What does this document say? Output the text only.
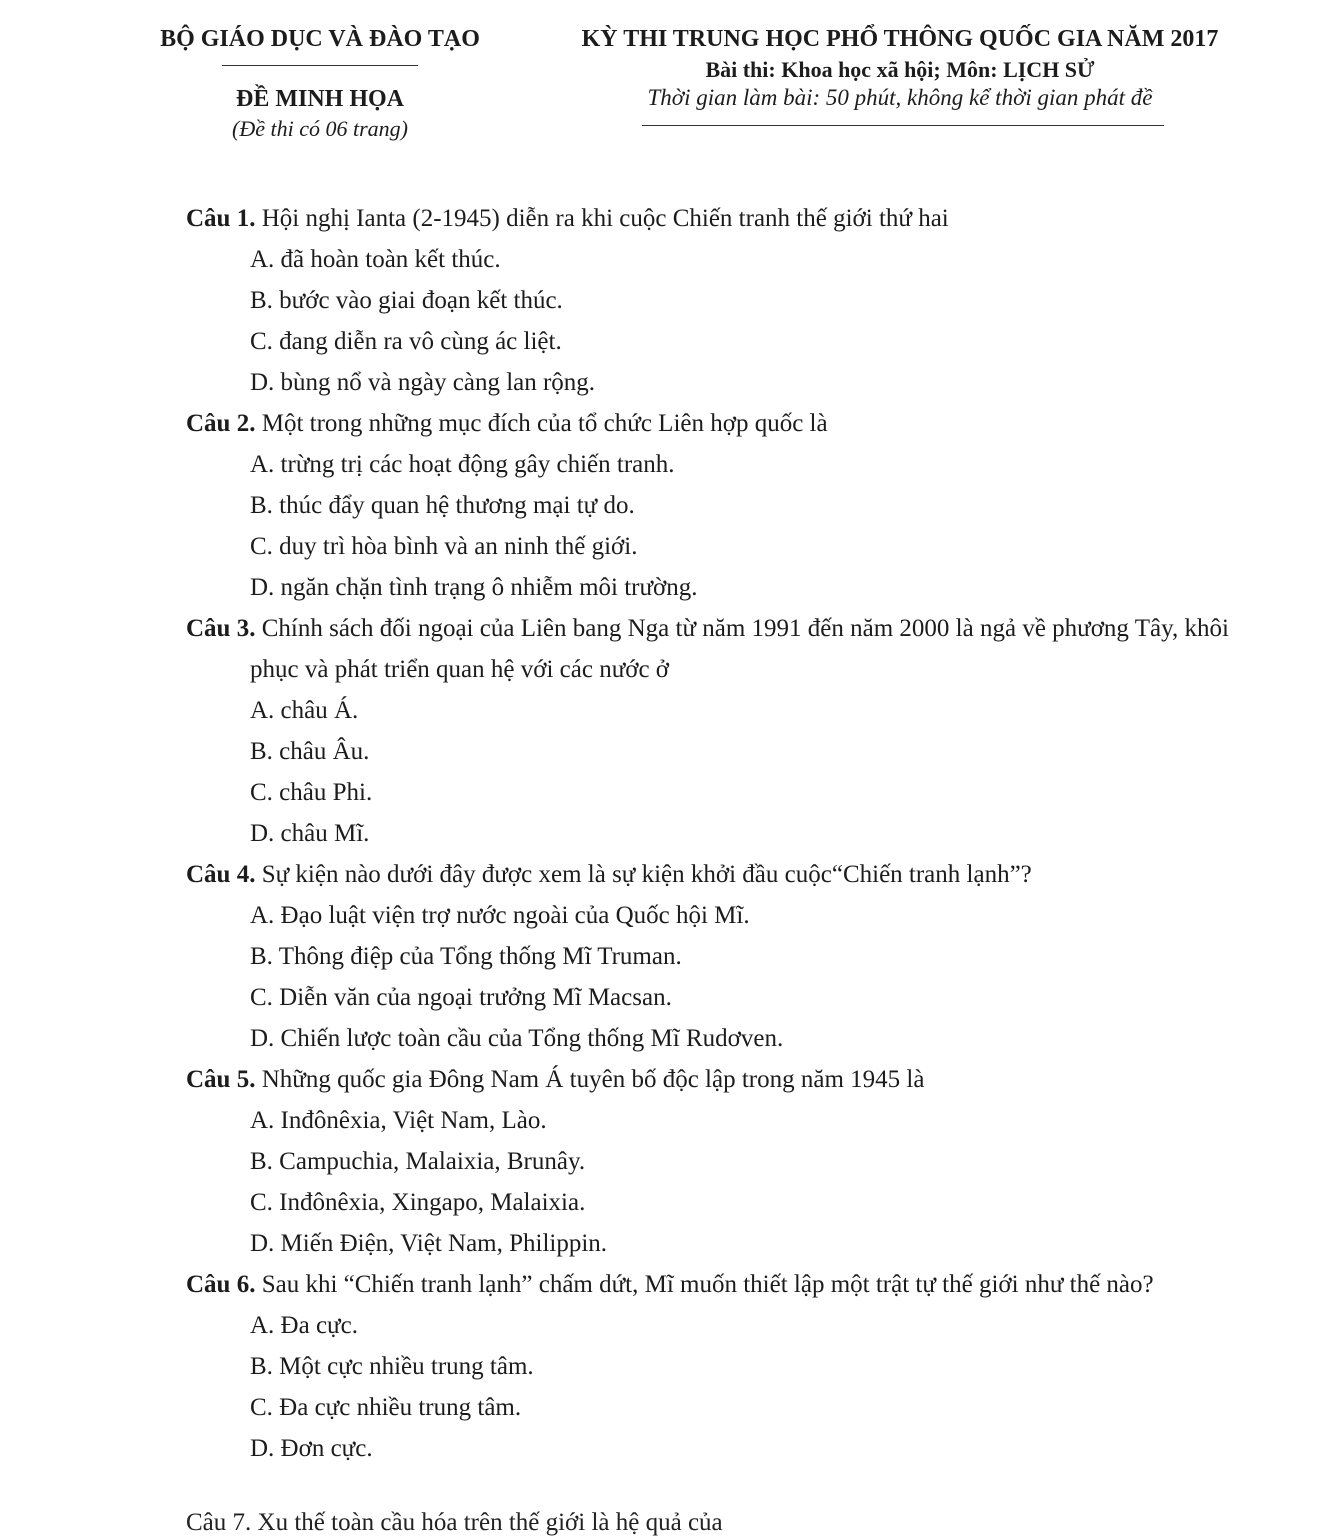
BỘ GIÁO DỤC VÀ ĐÀO TẠO
ĐỀ MINH HỌA
(Đề thi có 06 trang)
KỲ THI TRUNG HỌC PHỔ THÔNG QUỐC GIA NĂM 2017
Bài thi: Khoa học xã hội; Môn: LỊCH SỬ
Thời gian làm bài: 50 phút, không kể thời gian phát đề

Câu 1. Hội nghị Ianta (2-1945) diễn ra khi cuộc Chiến tranh thế giới thứ hai

A. đã hoàn toàn kết thúc.

B. bước vào giai đoạn kết thúc.

C. đang diễn ra vô cùng ác liệt.

D. bùng nổ và ngày càng lan rộng.

Câu 2. Một trong những mục đích của tổ chức Liên hợp quốc là

A. trừng trị các hoạt động gây chiến tranh.

B. thúc đẩy quan hệ thương mại tự do.

C. duy trì hòa bình và an ninh thế giới.

D. ngăn chặn tình trạng ô nhiễm môi trường.

Câu 3. Chính sách đối ngoại của Liên bang Nga từ năm 1991 đến năm 2000 là ngả về phương Tây, khôi phục và phát triển quan hệ với các nước ở

A. châu Á.

B. châu Âu.

C. châu Phi.

D. châu Mĩ.

Câu 4. Sự kiện nào dưới đây được xem là sự kiện khởi đầu cuộc“Chiến tranh lạnh”?

A. Đạo luật viện trợ nước ngoài của Quốc hội Mĩ.

B. Thông điệp của Tổng thống Mĩ Truman.

C. Diễn văn của ngoại trưởng Mĩ Macsan.

D. Chiến lược toàn cầu của Tổng thống Mĩ Rudơven.

Câu 5. Những quốc gia Đông Nam Á tuyên bố độc lập trong năm 1945 là

A. Inđônêxia, Việt Nam, Lào.

B. Campuchia, Malaixia, Brunây.

C. Inđônêxia, Xingapo, Malaixia.

D. Miến Điện, Việt Nam, Philippin.

Câu 6. Sau khi “Chiến tranh lạnh” chấm dứt, Mĩ muốn thiết lập một trật tự thế giới như thế nào?

A. Đa cực.

B. Một cực nhiều trung tâm.

C. Đa cực nhiều trung tâm.

D. Đơn cực.

Câu 7. Xu thế toàn cầu hóa trên thế giới là hệ quả của
